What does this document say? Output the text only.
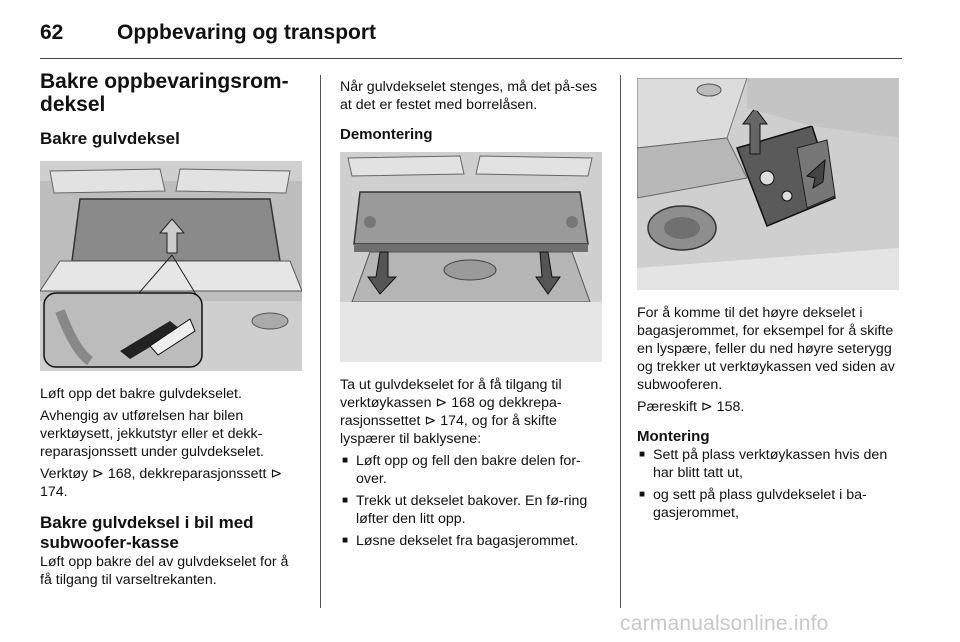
62	Oppbevaring og transport
Bakre oppbevaringsrom-deksel
Bakre gulvdeksel

Løft opp det bakre gulvdekselet.

Avhengig av utførelsen har bilen verktøysett, jekkutstyr eller et dekk-reparasjonssett under gulvdekselet.

Verktøy ⊳ 168, dekkreparasjonssett ⊳ 174.

Bakre gulvdeksel i bil med subwoofer-kasse

Løft opp bakre del av gulvdekselet for å få tilgang til varseltrekanten.

Når gulvdekselet stenges, må det på-ses at det er festet med borrelåsen.

Demontering

Ta ut gulvdekselet for å få tilgang til verktøykassen ⊳ 168 og dekkrepa-rasjonssettet ⊳ 174, og for å skifte lyspærer til baklysene:

■ Løft opp og fell den bakre delen for-over.
■ Trekk ut dekselet bakover. En fø-ring løfter den litt opp.
■ Løsne dekselet fra bagasjerommet.

For å komme til det høyre dekselet i bagasjerommet, for eksempel for å skifte en lyspære, feller du ned høyre seterygg og trekker ut verktøykassen ved siden av subwooferen.

Pæreskift ⊳ 158.

Montering
■ Sett på plass verktøykassen hvis den har blitt tatt ut,
■ og sett på plass gulvdekselet i ba-gasjerommet,
carmanualsonline.info
